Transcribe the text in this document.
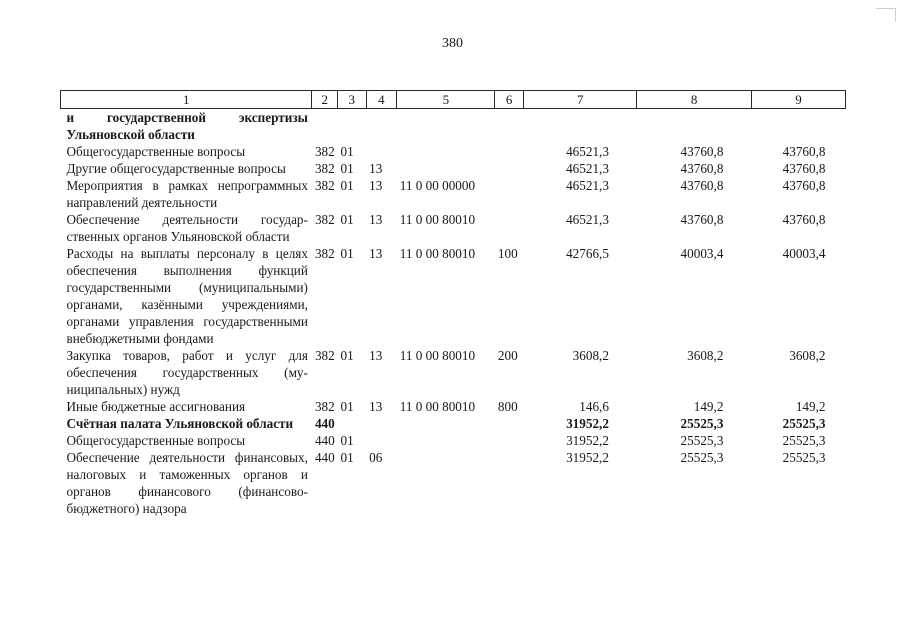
380
1	2	3	4	5	6	7	8	9
и государственной экспертизы Ульяновской области								
Общегосударственные вопросы	382	01				46521,3	43760,8	43760,8
Другие общегосударственные вопросы	382	01	13			46521,3	43760,8	43760,8
Мероприятия в рамках непрограммных направлений деятельности	382	01	13	11 0 00 00000		46521,3	43760,8	43760,8
Обеспечение деятельности государственных органов Ульяновской области	382	01	13	11 0 00 80010		46521,3	43760,8	43760,8
Расходы на выплаты персоналу в целях обеспечения выполнения функций государственными (муниципальными) органами, казёнными учреждениями, органами управления государственными внебюджетными фондами	382	01	13	11 0 00 80010	100	42766,5	40003,4	40003,4
Закупка товаров, работ и услуг для обеспечения государственных (муниципальных) нужд	382	01	13	11 0 00 80010	200	3608,2	3608,2	3608,2
Иные бюджетные ассигнования	382	01	13	11 0 00 80010	800	146,6	149,2	149,2
Счётная палата Ульяновской области	440					31952,2	25525,3	25525,3
Общегосударственные вопросы	440	01				31952,2	25525,3	25525,3
Обеспечение деятельности финансовых, налоговых и таможенных органов и органов финансового (финансово-бюджетного) надзора	440	01	06			31952,2	25525,3	25525,3
